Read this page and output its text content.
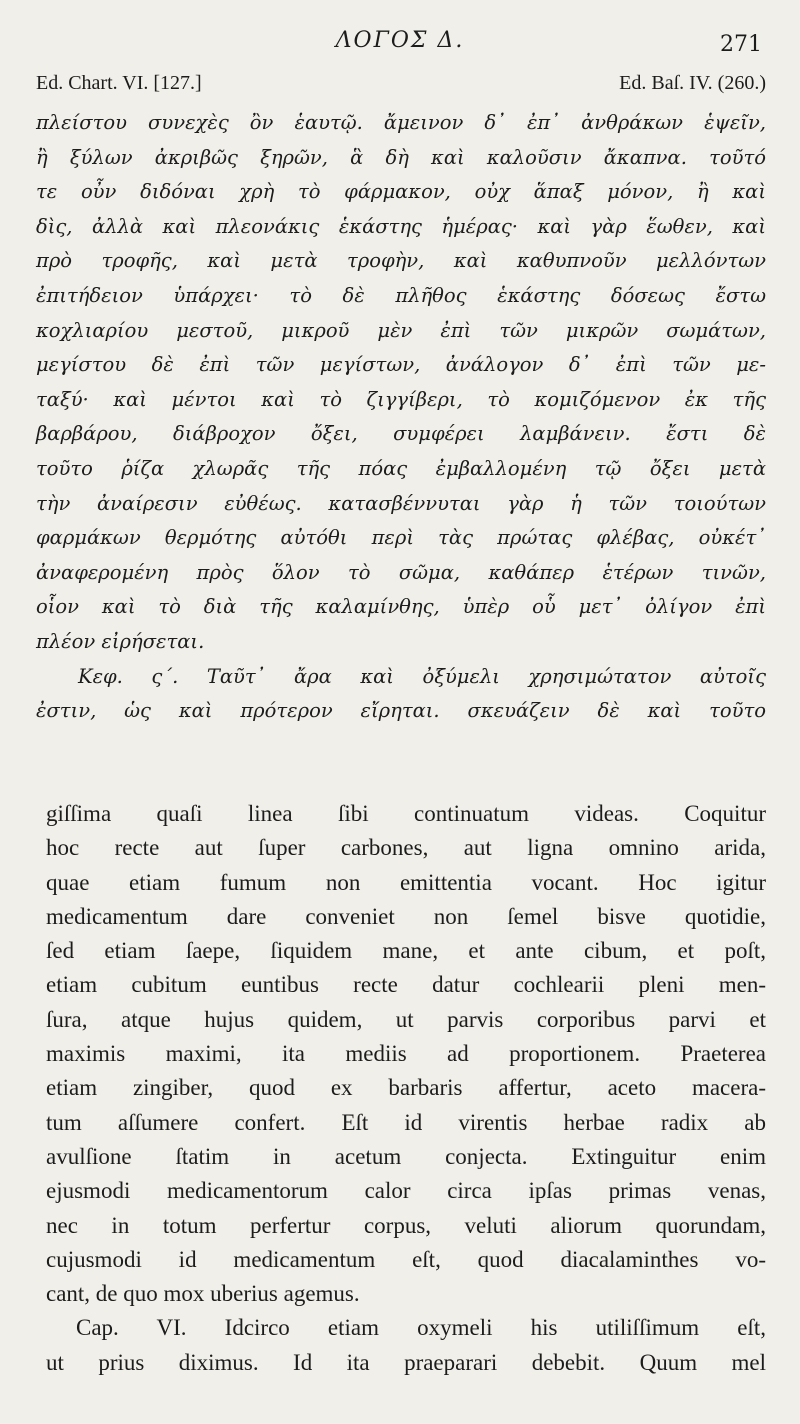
ΛΟΓΟΣ Δ.	271
Ed. Chart. VI. [127.]	Ed. Baſ. IV. (260.)
πλείστου συνεχὲς ὂν ἑαυτῷ. ἄμεινον δ᾽ ἐπ᾽ ἀνθράκων ἑψεῖν,
ἢ ξύλων ἀκριβῶς ξηρῶν, ἃ δὴ καὶ καλοῦσιν ἄκαπνα. τοῦτό
τε οὖν διδόναι χρὴ τὸ φάρμακον, οὐχ ἅπαξ μόνον, ἢ καὶ
δὶς, ἀλλὰ καὶ πλεονάκις ἑκάστης ἡμέρας· καὶ γὰρ ἕωθεν, καὶ
πρὸ τροφῆς, καὶ μετὰ τροφὴν, καὶ καθυπνοῦν μελλόντων
ἐπιτήδειον ὑπάρχει· τὸ δὲ πλῆθος ἑκάστης δόσεως ἔστω
κοχλιαρίου μεστοῦ, μικροῦ μὲν ἐπὶ τῶν μικρῶν σωμάτων,
μεγίστου δὲ ἐπὶ τῶν μεγίστων, ἀνάλογον δ᾽ ἐπὶ τῶν με-
ταξύ· καὶ μέντοι καὶ τὸ ζιγγίβερι, τὸ κομιζόμενον ἐκ τῆς
βαρβάρου, διάβροχον ὄξει, συμφέρει λαμβάνειν. ἔστι δὲ
τοῦτο ῥίζα χλωρᾶς τῆς πόας ἐμβαλλομένη τῷ ὄξει μετὰ
τὴν ἀναίρεσιν εὐθέως. κατασβέννυται γὰρ ἡ τῶν τοιούτων
φαρμάκων θερμότης αὐτόθι περὶ τὰς πρώτας φλέβας, οὐκέτ᾽
ἀναφερομένη πρὸς ὅλον τὸ σῶμα, καθάπερ ἑτέρων τινῶν,
οἷον καὶ τὸ διὰ τῆς καλαμίνθης, ὑπὲρ οὗ μετ᾽ ὀλίγον ἐπὶ
πλέον εἰρήσεται.
Κεφ. ς΄. Ταῦτ᾽ ἄρα καὶ ὀξύμελι χρησιμώτατον αὐτοῖς
ἐστιν, ὡς καὶ πρότερον εἴρηται. σκευάζειν δὲ καὶ τοῦτο
giſſima quaſi linea ſibi continuatum videas. Coquitur
hoc recte aut ſuper carbones, aut ligna omnino arida,
quae etiam fumum non emittentia vocant. Hoc igitur
medicamentum dare conveniet non ſemel bisve quotidie,
ſed etiam ſaepe, ſiquidem mane, et ante cibum, et poſt,
etiam cubitum euntibus recte datur cochlearii pleni men-
ſura, atque hujus quidem, ut parvis corporibus parvi et
maximis maximi, ita mediis ad proportionem. Praeterea
etiam zingiber, quod ex barbaris affertur, aceto macera-
tum aſſumere confert. Eſt id virentis herbae radix ab
avulſione ſtatim in acetum conjecta. Extinguitur enim
ejusmodi medicamentorum calor circa ipſas primas venas,
nec in totum perfertur corpus, veluti aliorum quorundam,
cujusmodi id medicamentum eſt, quod diacalaminthes vo-
cant, de quo mox uberius agemus.
Cap. VI. Idcirco etiam oxymeli his utiliſſimum eſt,
ut prius diximus. Id ita praeparari debebit. Quum mel
